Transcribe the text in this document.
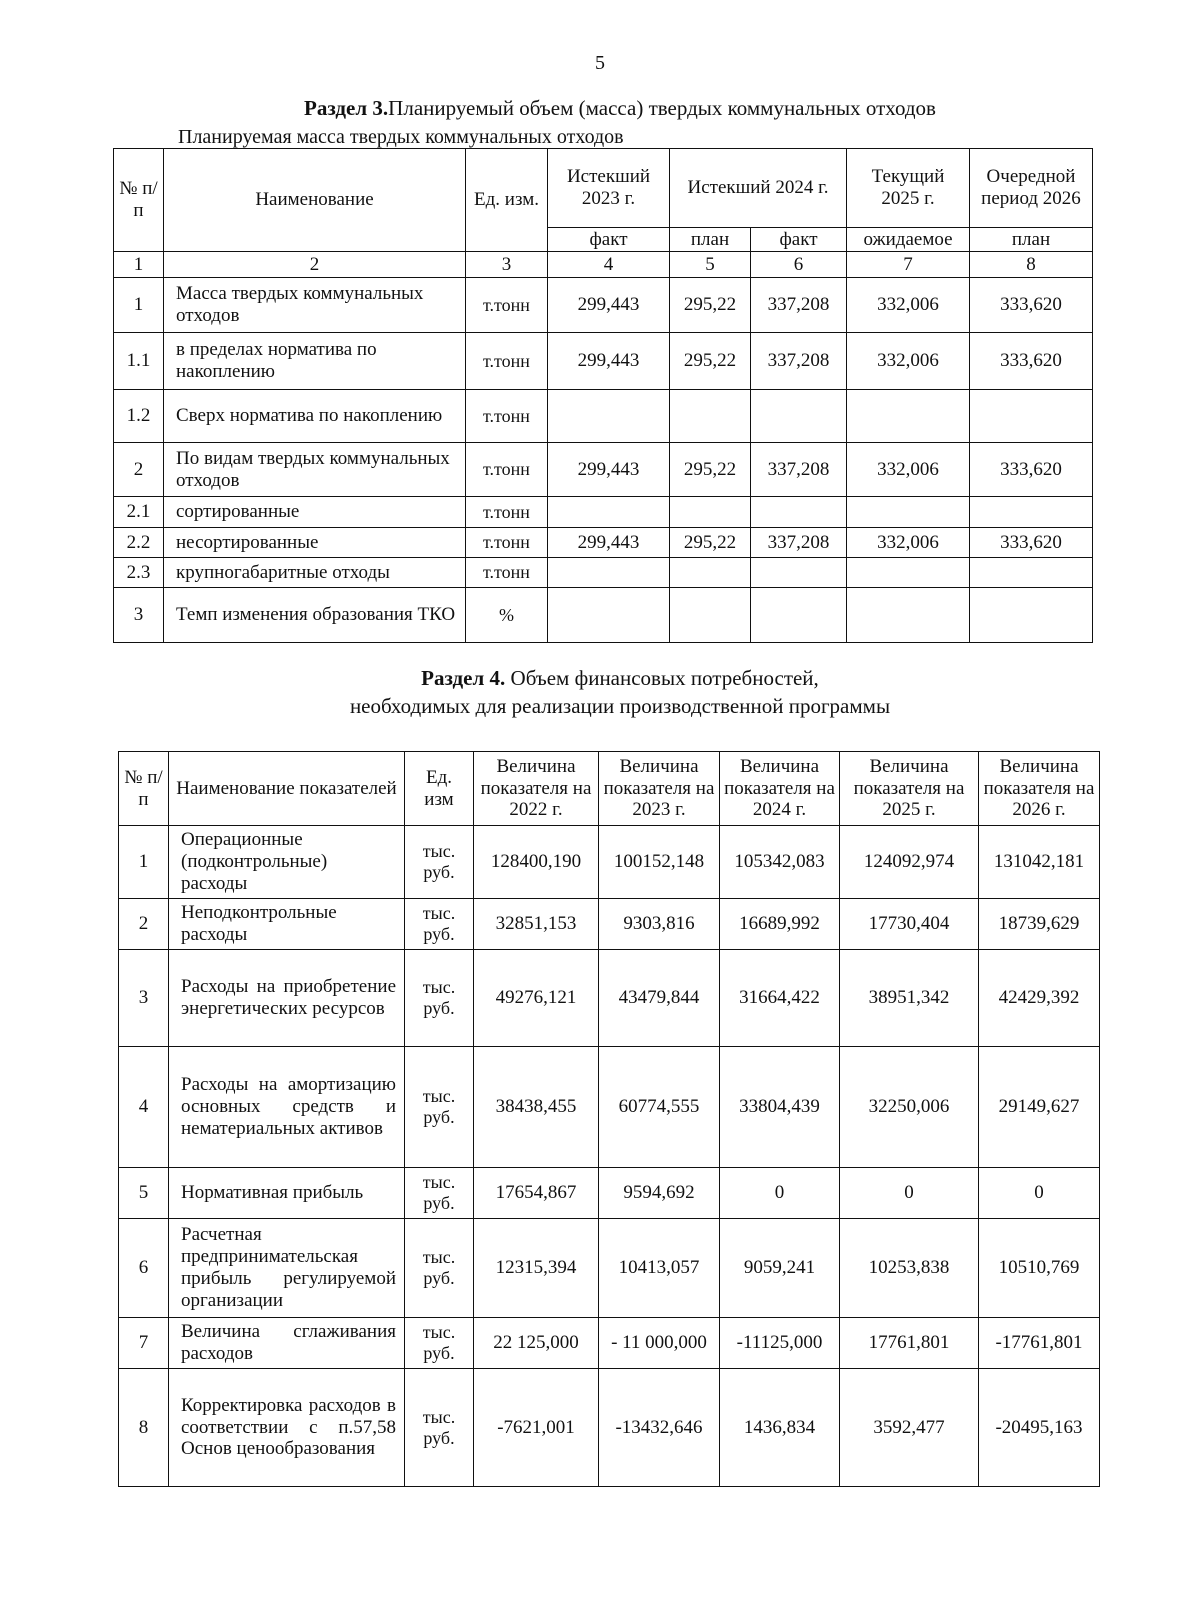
5
Раздел 3.Планируемый объем (масса) твердых коммунальных отходов
Планируемая масса твердых коммунальных отходов
№ п/п	Наименование	Ед. изм.	Истекший 2023 г.	Истекший 2024 г.		Текущий 2025 г.	Очередной период 2026
			факт	план	факт	ожидаемое	план
1	2	3	4	5	6	7	8
1	Масса твердых коммунальных отходов	т.тонн	299,443	295,22	337,208	332,006	333,620
1.1	в пределах норматива по накоплению	т.тонн	299,443	295,22	337,208	332,006	333,620
1.2	Сверх норматива по накоплению	т.тонн					
2	По видам твердых коммунальных отходов	т.тонн	299,443	295,22	337,208	332,006	333,620
2.1	сортированные	т.тонн					
2.2	несортированные	т.тонн	299,443	295,22	337,208	332,006	333,620
2.3	крупногабаритные отходы	т.тонн					
3	Темп изменения образования ТКО	%					
Раздел 4. Объем финансовых потребностей,
необходимых для реализации производственной программы
№ п/п	Наименование показателей	Ед. изм	Величина показателя на 2022 г.	Величина показателя на 2023 г.	Величина показателя на 2024 г.	Величина показателя на 2025 г.	Величина показателя на 2026 г.
1	Операционные (подконтрольные) расходы	тыс. руб.	128400,190	100152,148	105342,083	124092,974	131042,181
2	Неподконтрольные расходы	тыс. руб.	32851,153	9303,816	16689,992	17730,404	18739,629
3	Расходы на приобретение энергетических ресурсов	тыс. руб.	49276,121	43479,844	31664,422	38951,342	42429,392
4	Расходы на амортизацию основных средств и нематериальных активов	тыс. руб.	38438,455	60774,555	33804,439	32250,006	29149,627
5	Нормативная прибыль	тыс. руб.	17654,867	9594,692	0	0	0
6	Расчетная предпринимательская прибыль регулируемой организации	тыс. руб.	12315,394	10413,057	9059,241	10253,838	10510,769
7	Величина сглаживания расходов	тыс. руб.	22 125,000	- 11 000,000	-11125,000	17761,801	-17761,801
8	Корректировка расходов в соответствии с п.57,58 Основ ценообразования	тыс. руб.	-7621,001	-13432,646	1436,834	3592,477	-20495,163
